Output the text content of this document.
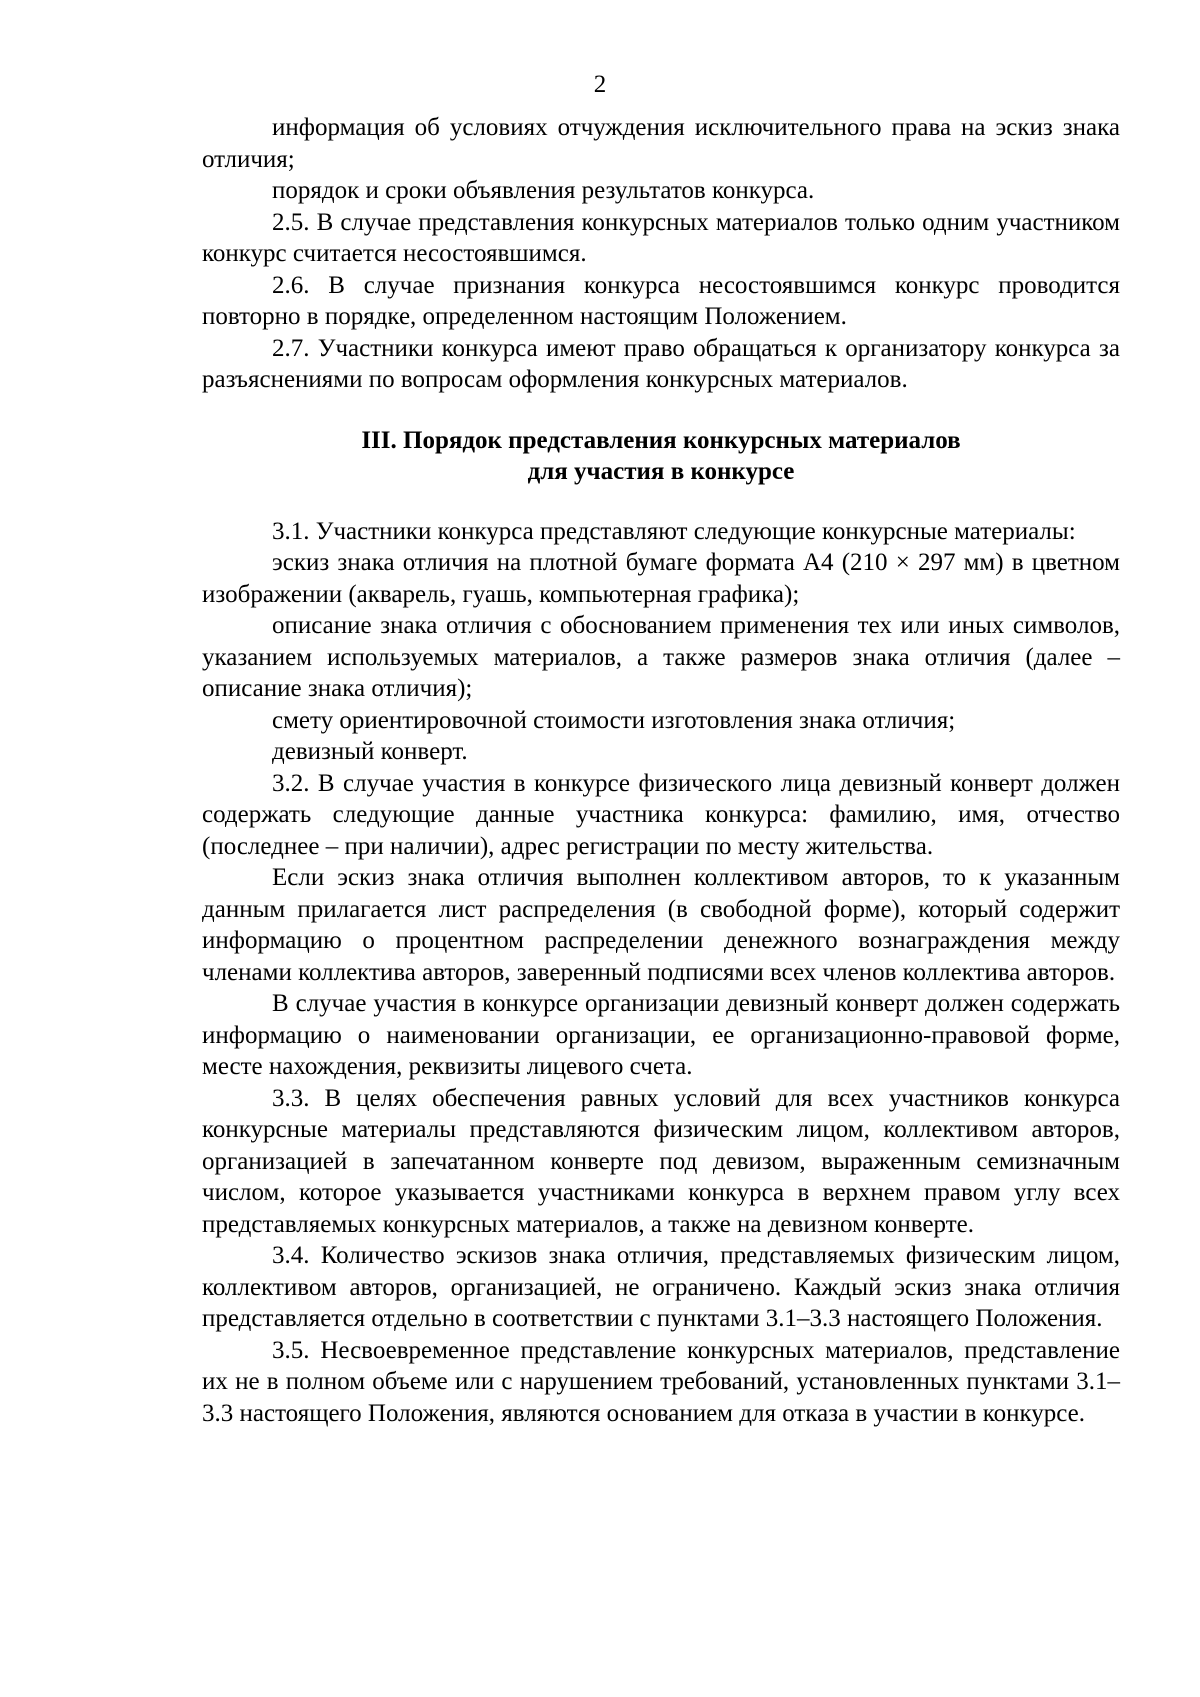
2

информация об условиях отчуждения исключительного права на эскиз знака отличия;

порядок и сроки объявления результатов конкурса.

2.5. В случае представления конкурсных материалов только одним участником конкурс считается несостоявшимся.

2.6. В случае признания конкурса несостоявшимся конкурс проводится повторно в порядке, определенном настоящим Положением.

2.7. Участники конкурса имеют право обращаться к организатору конкурса за разъяснениями по вопросам оформления конкурсных материалов.

III. Порядок представления конкурсных материалов
для участия в конкурсе

3.1. Участники конкурса представляют следующие конкурсные материалы:

эскиз знака отличия на плотной бумаге формата А4 (210 × 297 мм) в цветном изображении (акварель, гуашь, компьютерная графика);

описание знака отличия с обоснованием применения тех или иных символов, указанием используемых материалов, а также размеров знака отличия (далее – описание знака отличия);

смету ориентировочной стоимости изготовления знака отличия;

девизный конверт.

3.2. В случае участия в конкурсе физического лица девизный конверт должен содержать следующие данные участника конкурса: фамилию, имя, отчество (последнее – при наличии), адрес регистрации по месту жительства.

Если эскиз знака отличия выполнен коллективом авторов, то к указанным данным прилагается лист распределения (в свободной форме), который содержит информацию о процентном распределении денежного вознаграждения между членами коллектива авторов, заверенный подписями всех членов коллектива авторов.

В случае участия в конкурсе организации девизный конверт должен содержать информацию о наименовании организации, ее организационно-правовой форме, месте нахождения, реквизиты лицевого счета.

3.3. В целях обеспечения равных условий для всех участников конкурса конкурсные материалы представляются физическим лицом, коллективом авторов, организацией в запечатанном конверте под девизом, выраженным семизначным числом, которое указывается участниками конкурса в верхнем правом углу всех представляемых конкурсных материалов, а также на девизном конверте.

3.4. Количество эскизов знака отличия, представляемых физическим лицом, коллективом авторов, организацией, не ограничено. Каждый эскиз знака отличия представляется отдельно в соответствии с пунктами 3.1–3.3 настоящего Положения.

3.5. Несвоевременное представление конкурсных материалов, представление их не в полном объеме или с нарушением требований, установленных пунктами 3.1–3.3 настоящего Положения, являются основанием для отказа в участии в конкурсе.
